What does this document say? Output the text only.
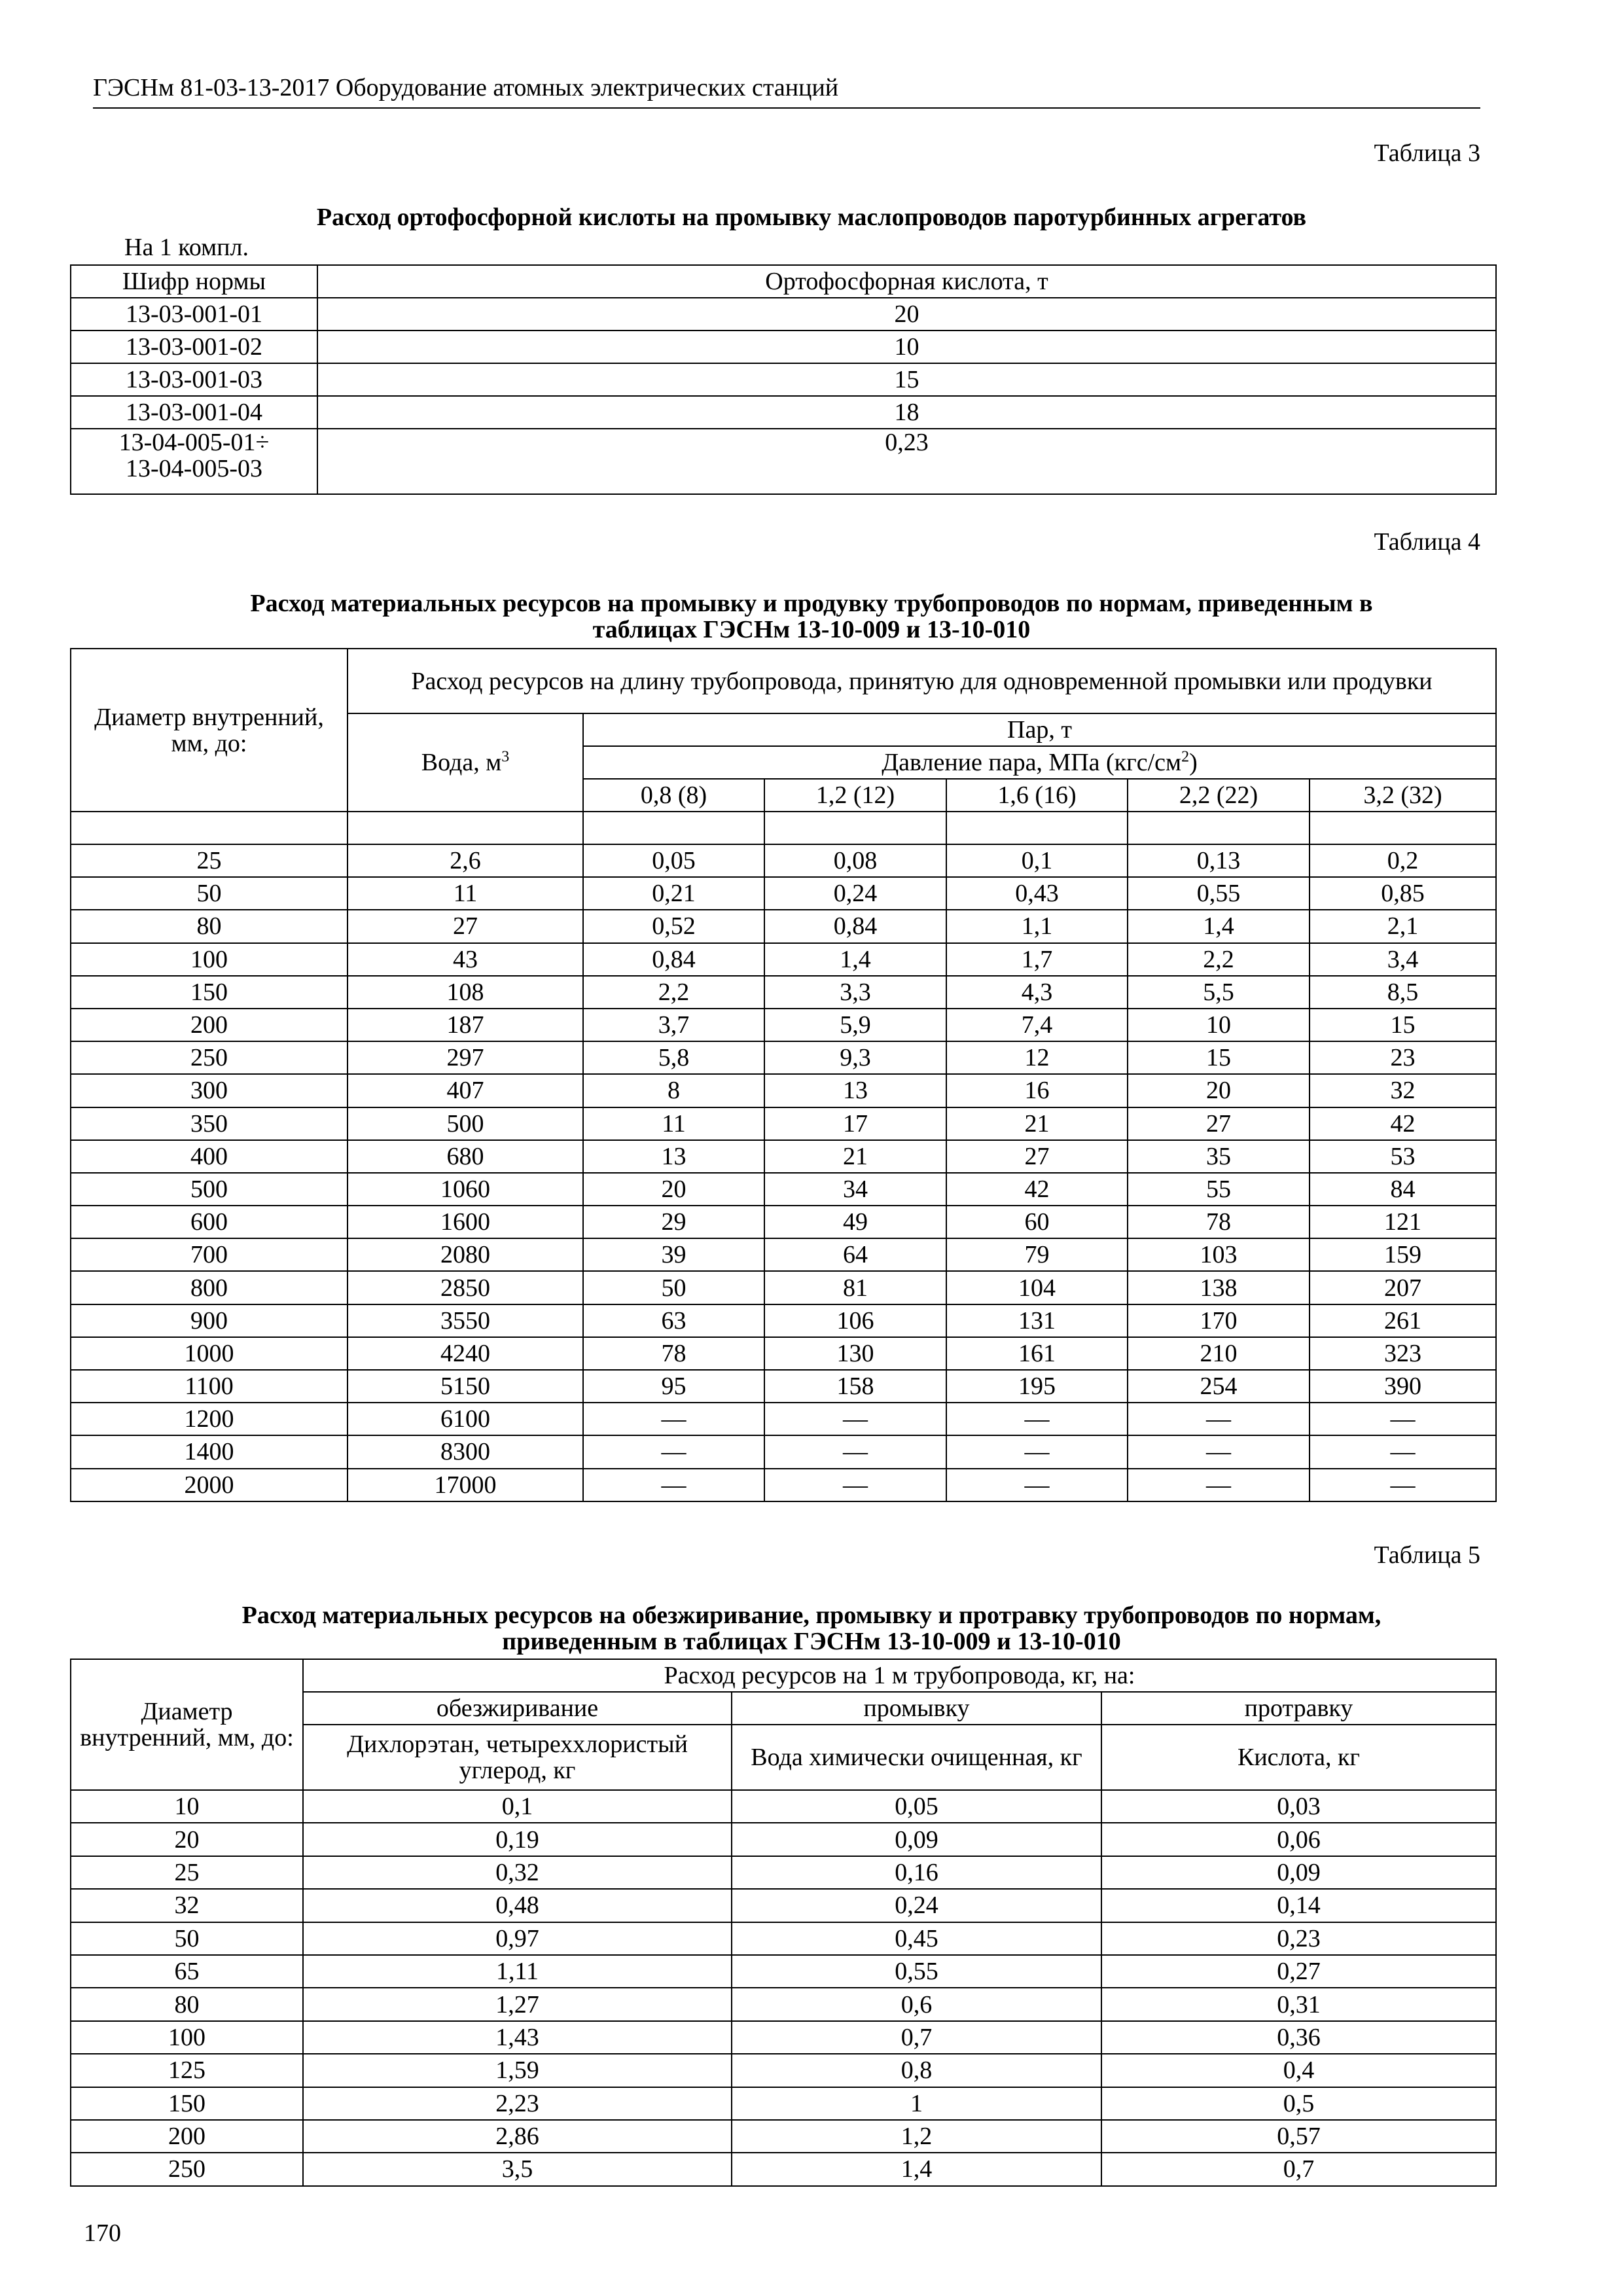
ГЭСНм 81-03-13-2017 Оборудование атомных электрических станций
Таблица 3
Расход ортофосфорной кислоты на промывку маслопроводов паротурбинных агрегатов
На 1 компл.
Шифр нормы	Ортофосфорная кислота, т
13-03-001-01	20
13-03-001-02	10
13-03-001-03	15
13-03-001-04	18

13-04-005-01÷
13-04-005-03	0,23
Таблица 4
Расход материальных ресурсов на промывку и продувку трубопроводов по нормам, приведенным в
таблицах ГЭСНм 13-10-009 и 13-10-010
Диаметр внутренний, мм, до:	Расход ресурсов на длину трубопровода, принятую для одновременной промывки или продувки					
	Вода, $м^3$	Пар, т				
		Давление пара, МПа $(кгс/см^2)$				
		0,8 (8)	1,2 (12)	1,6 (16)	2,2 (22)	3,2 (32)

25	2,6	0,05	0,08	0,1	0,13	0,2
50	11	0,21	0,24	0,43	0,55	0,85
80	27	0,52	0,84	1,1	1,4	2,1
100	43	0,84	1,4	1,7	2,2	3,4
150	108	2,2	3,3	4,3	5,5	8,5
200	187	3,7	5,9	7,4	10	15
250	297	5,8	9,3	12	15	23
300	407	8	13	16	20	32
350	500	11	17	21	27	42
400	680	13	21	27	35	53
500	1060	20	34	42	55	84
600	1600	29	49	60	78	121
700	2080	39	64	79	103	159
800	2850	50	81	104	138	207
900	3550	63	106	131	170	261
1000	4240	78	130	161	210	323
1100	5150	95	158	195	254	390
1200	6100	—	—	—	—	—
1400	8300	—	—	—	—	—
2000	17000	—	—	—	—	—
Таблица 5
Расход материальных ресурсов на обезжиривание, промывку и протравку трубопроводов по нормам,
приведенным в таблицах ГЭСНм 13-10-009 и 13-10-010
Диаметр внутренний, мм, до:	Расход ресурсов на 1 м трубопровода, кг, на:		
	обезжиривание	промывку	протравку
	Дихлорэтан, четыреххлористый углерод, кг	Вода химически очищенная, кг	Кислота, кг
10	0,1	0,05	0,03
20	0,19	0,09	0,06
25	0,32	0,16	0,09
32	0,48	0,24	0,14
50	0,97	0,45	0,23
65	1,11	0,55	0,27
80	1,27	0,6	0,31
100	1,43	0,7	0,36
125	1,59	0,8	0,4
150	2,23	1	0,5
200	2,86	1,2	0,57
250	3,5	1,4	0,7
170
